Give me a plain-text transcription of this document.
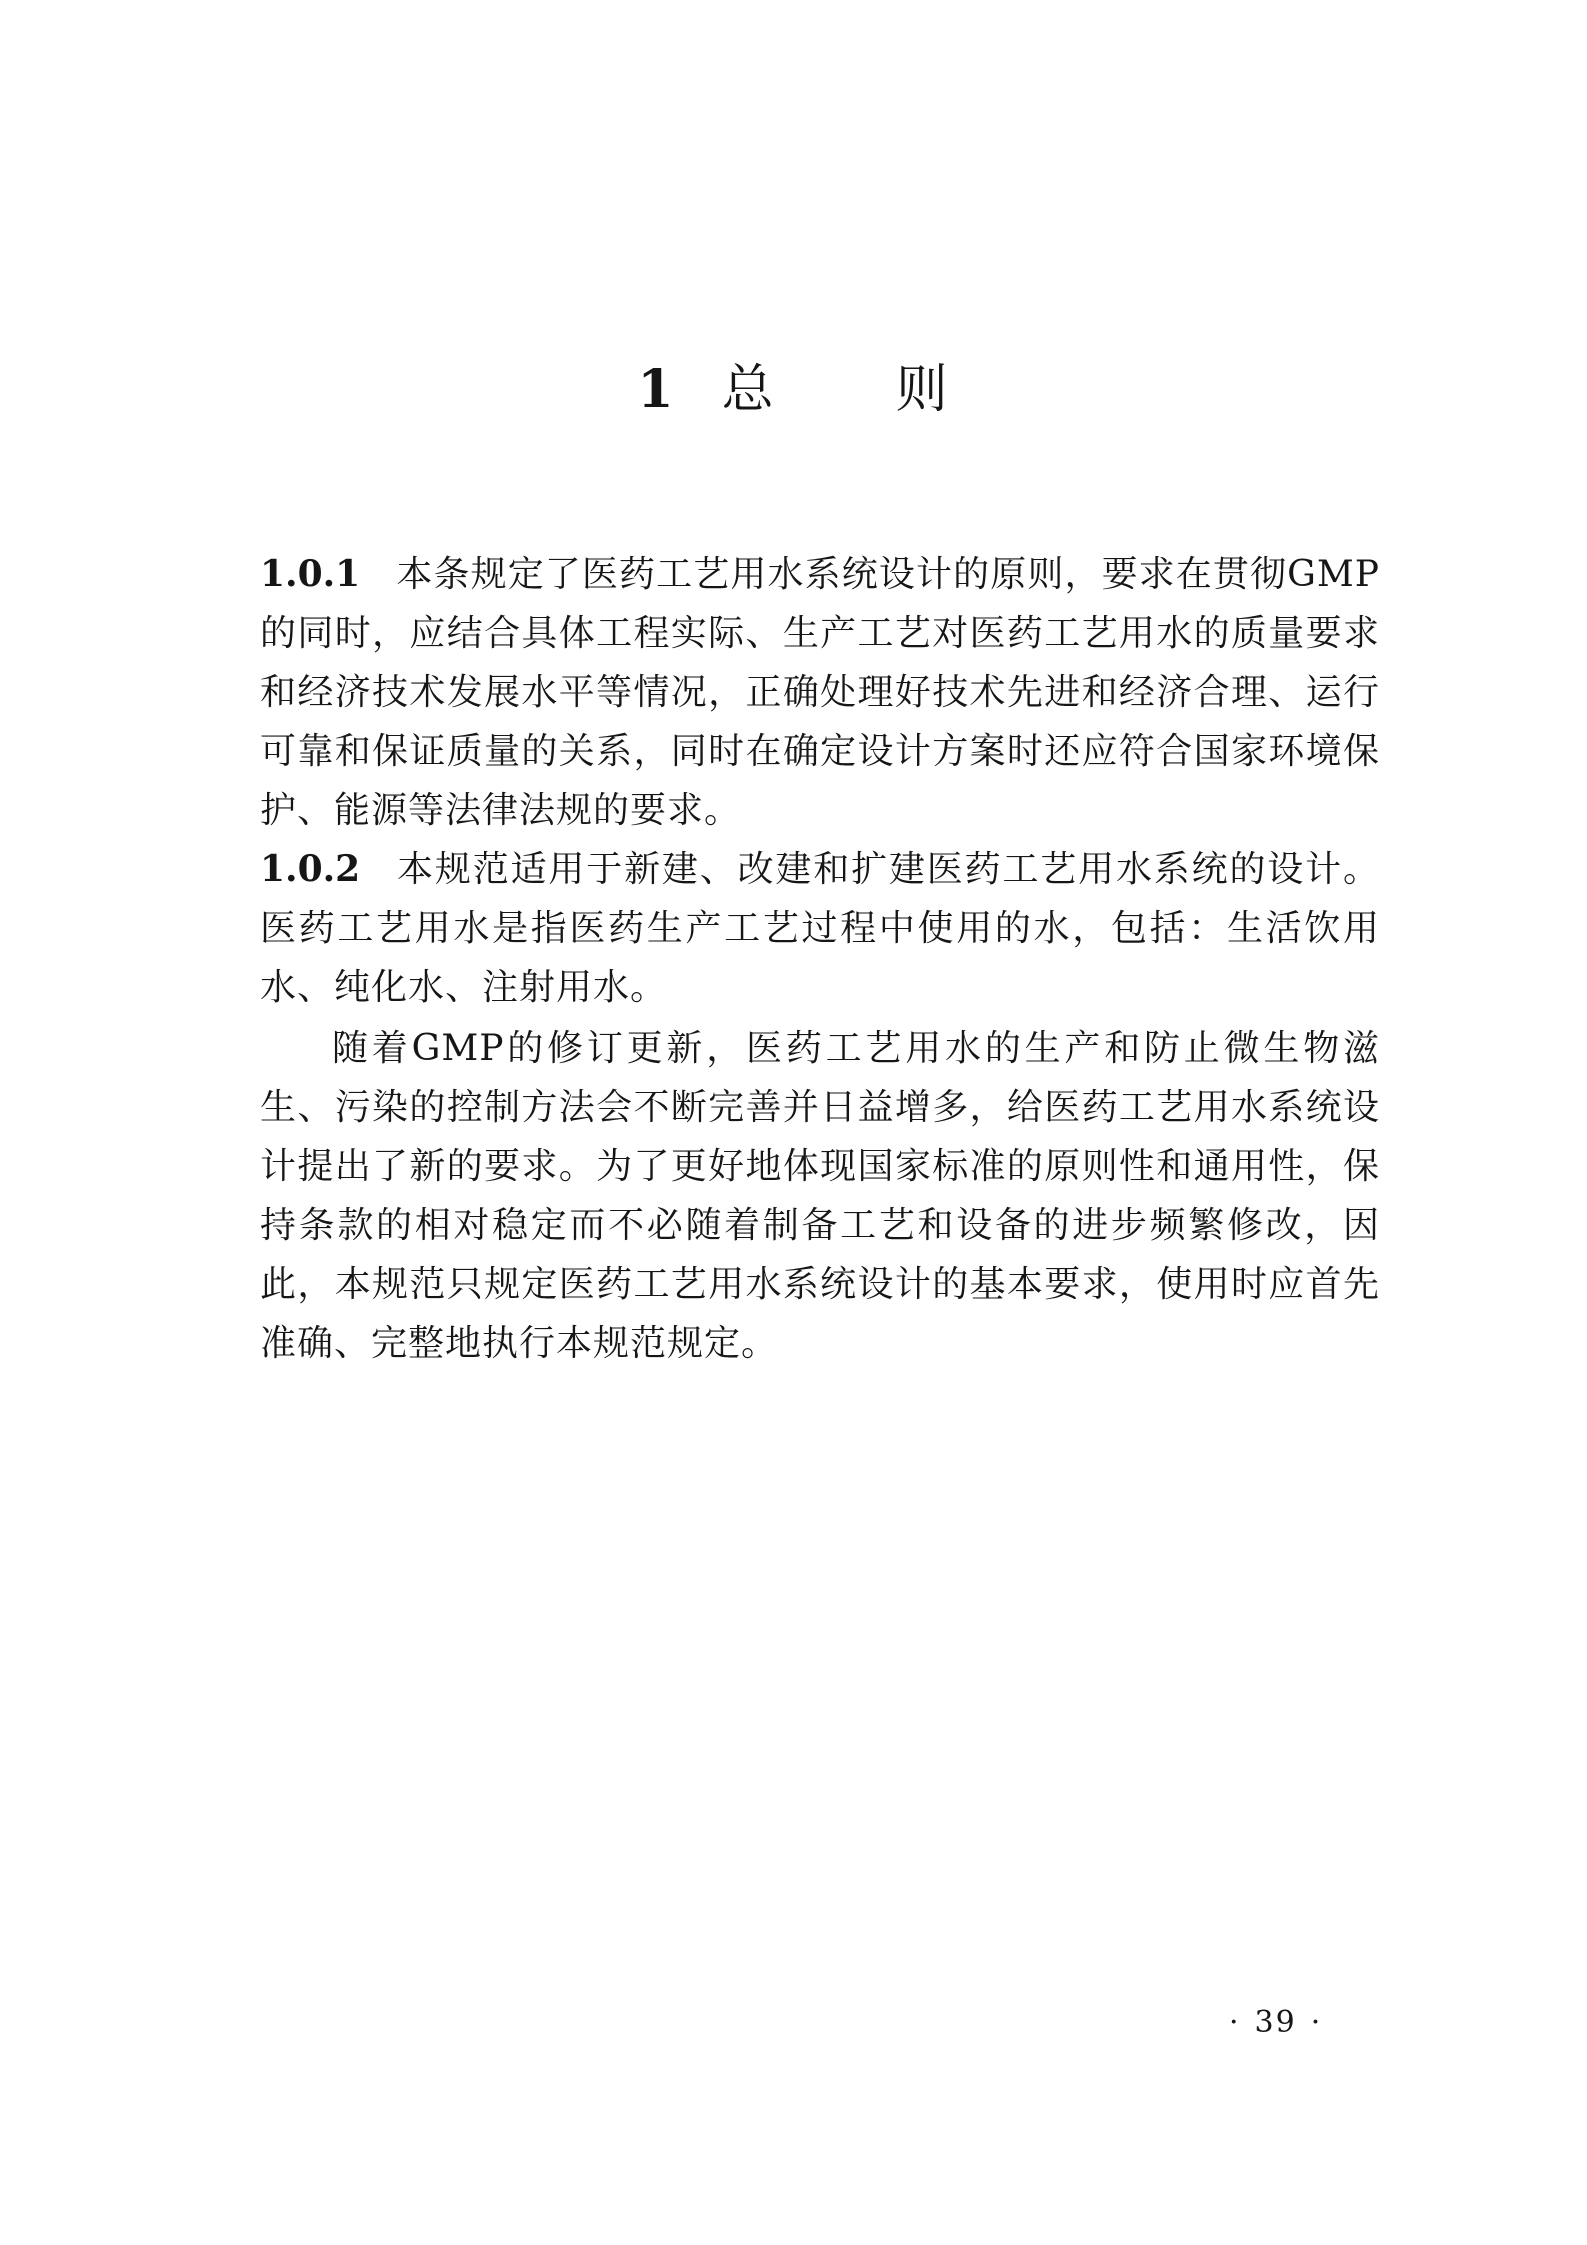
1 总 则

1.0.1 本条规定了医药工艺用水系统设计的原则，要求在贯彻GMP的同时，应结合具体工程实际、生产工艺对医药工艺用水的质量要求和经济技术发展水平等情况，正确处理好技术先进和经济合理、运行可靠和保证质量的关系，同时在确定设计方案时还应符合国家环境保护、能源等法律法规的要求。

1.0.2 本规范适用于新建、改建和扩建医药工艺用水系统的设计。医药工艺用水是指医药生产工艺过程中使用的水，包括：生活饮用水、纯化水、注射用水。

随着GMP的修订更新，医药工艺用水的生产和防止微生物滋生、污染的控制方法会不断完善并日益增多，给医药工艺用水系统设计提出了新的要求。为了更好地体现国家标准的原则性和通用性，保持条款的相对稳定而不必随着制备工艺和设备的进步频繁修改，因此，本规范只规定医药工艺用水系统设计的基本要求，使用时应首先准确、完整地执行本规范规定。

· 39 ·
